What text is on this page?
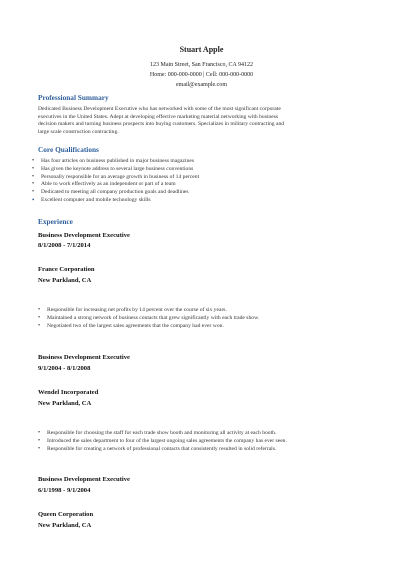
Stuart Apple
123 Main Street, San Francisco, CA 94122
Home: 000-000-0000 | Cell: 000-000-0000
email@example.com
Professional Summary
Dedicated Business Development Executive who has networked with some of the most significant corporate
executives in the United States. Adept at developing effective marketing material networking with business
decision makers and turning business prospects into buying customers. Specializes in military contracting and
large scale construction contracting.
Core Qualifications
• Has four articles on business published in major business magazines
• Has given the keynote address to several large business conventions
• Personally responsible for an average growth in business of 14 percent
• Able to work effectively as an independent or part of a team
• Dedicated to meeting all company production goals and deadlines
• Excellent computer and mobile technology skills
Experience
Business Development Executive
8/1/2008 - 7/1/2014
France Corporation
New Parkland, CA
• Responsible for increasing net profits by 14 percent over the course of six years.
• Maintained a strong network of business contacts that grew significantly with each trade show.
• Negotiated two of the largest sales agreements that the company had ever won.
Business Development Executive
9/1/2004 - 8/1/2008
Wendel Incorporated
New Parkland, CA
• Responsible for choosing the staff for each trade show booth and monitoring all activity at each booth.
• Introduced the sales department to four of the largest ongoing sales agreements the company has ever seen.
• Responsible for creating a network of professional contacts that consistently resulted in solid referrals.
Business Development Executive
6/1/1998 - 9/1/2004
Queen Corporation
New Parkland, CA
